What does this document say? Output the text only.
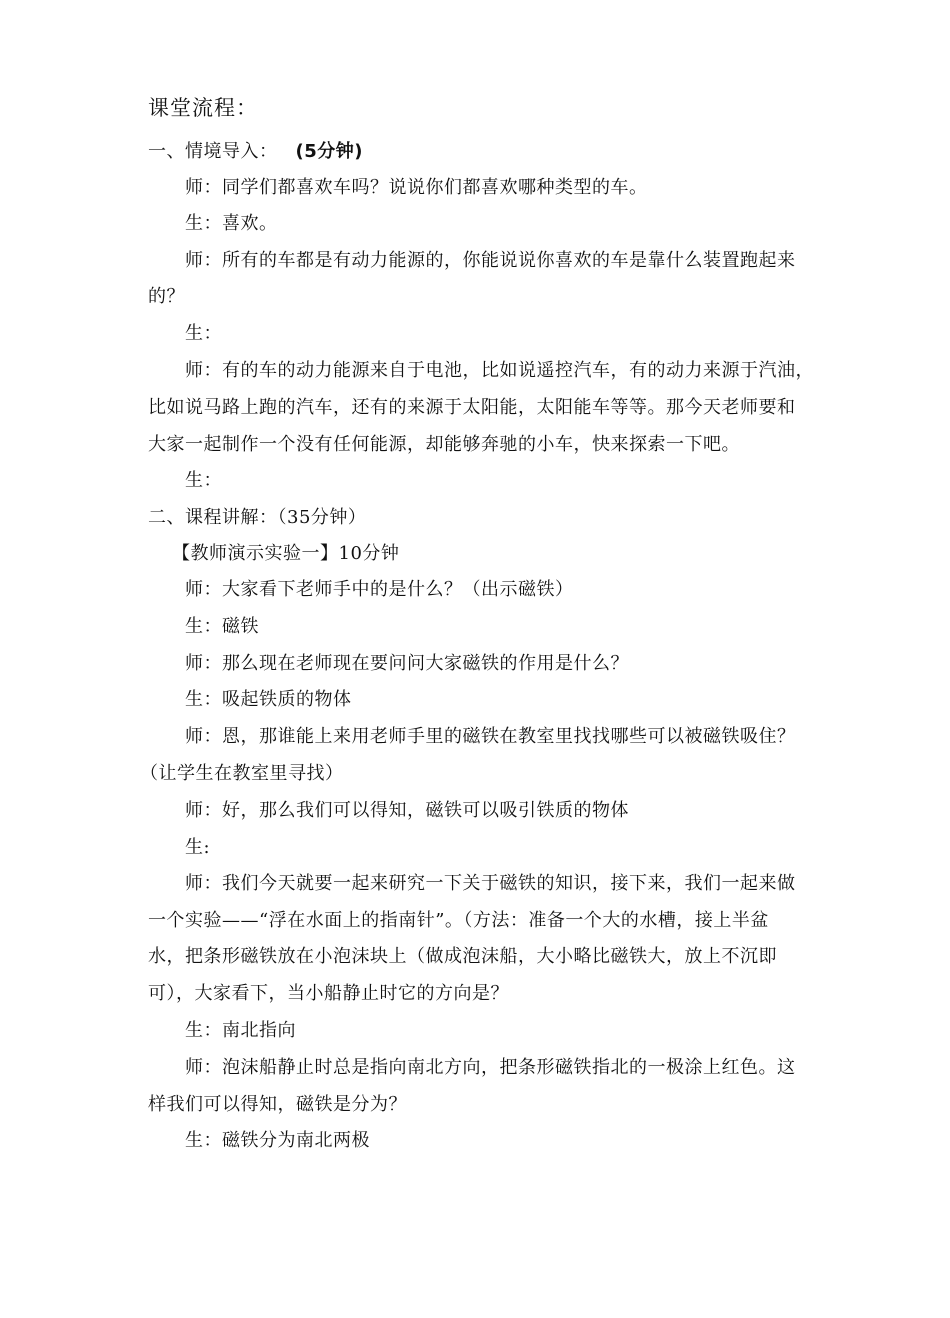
课堂流程：
一、情境导入： (5分钟)
师：同学们都喜欢车吗？说说你们都喜欢哪种类型的车。
生：喜欢。
师：所有的车都是有动力能源的，你能说说你喜欢的车是靠什么装置跑起来
的？
生：
师：有的车的动力能源来自于电池，比如说遥控汽车，有的动力来源于汽油，
比如说马路上跑的汽车，还有的来源于太阳能，太阳能车等等。那今天老师要和
大家一起制作一个没有任何能源，却能够奔驰的小车，快来探索一下吧。
生：
二、课程讲解：（35分钟）
【教师演示实验一】10分钟
师：大家看下老师手中的是什么？（出示磁铁）
生：磁铁
师：那么现在老师现在要问问大家磁铁的作用是什么？
生：吸起铁质的物体
师：恩，那谁能上来用老师手里的磁铁在教室里找找哪些可以被磁铁吸住？
（让学生在教室里寻找）
师：好，那么我们可以得知，磁铁可以吸引铁质的物体
生:
师：我们今天就要一起来研究一下关于磁铁的知识，接下来，我们一起来做
一个实验——“浮在水面上的指南针”。（方法：准备一个大的水槽，接上半盆
水，把条形磁铁放在小泡沫块上（做成泡沫船，大小略比磁铁大，放上不沉即
可），大家看下，当小船静止时它的方向是？
生：南北指向
师：泡沫船静止时总是指向南北方向，把条形磁铁指北的一极涂上红色。这
样我们可以得知，磁铁是分为？
生：磁铁分为南北两极
